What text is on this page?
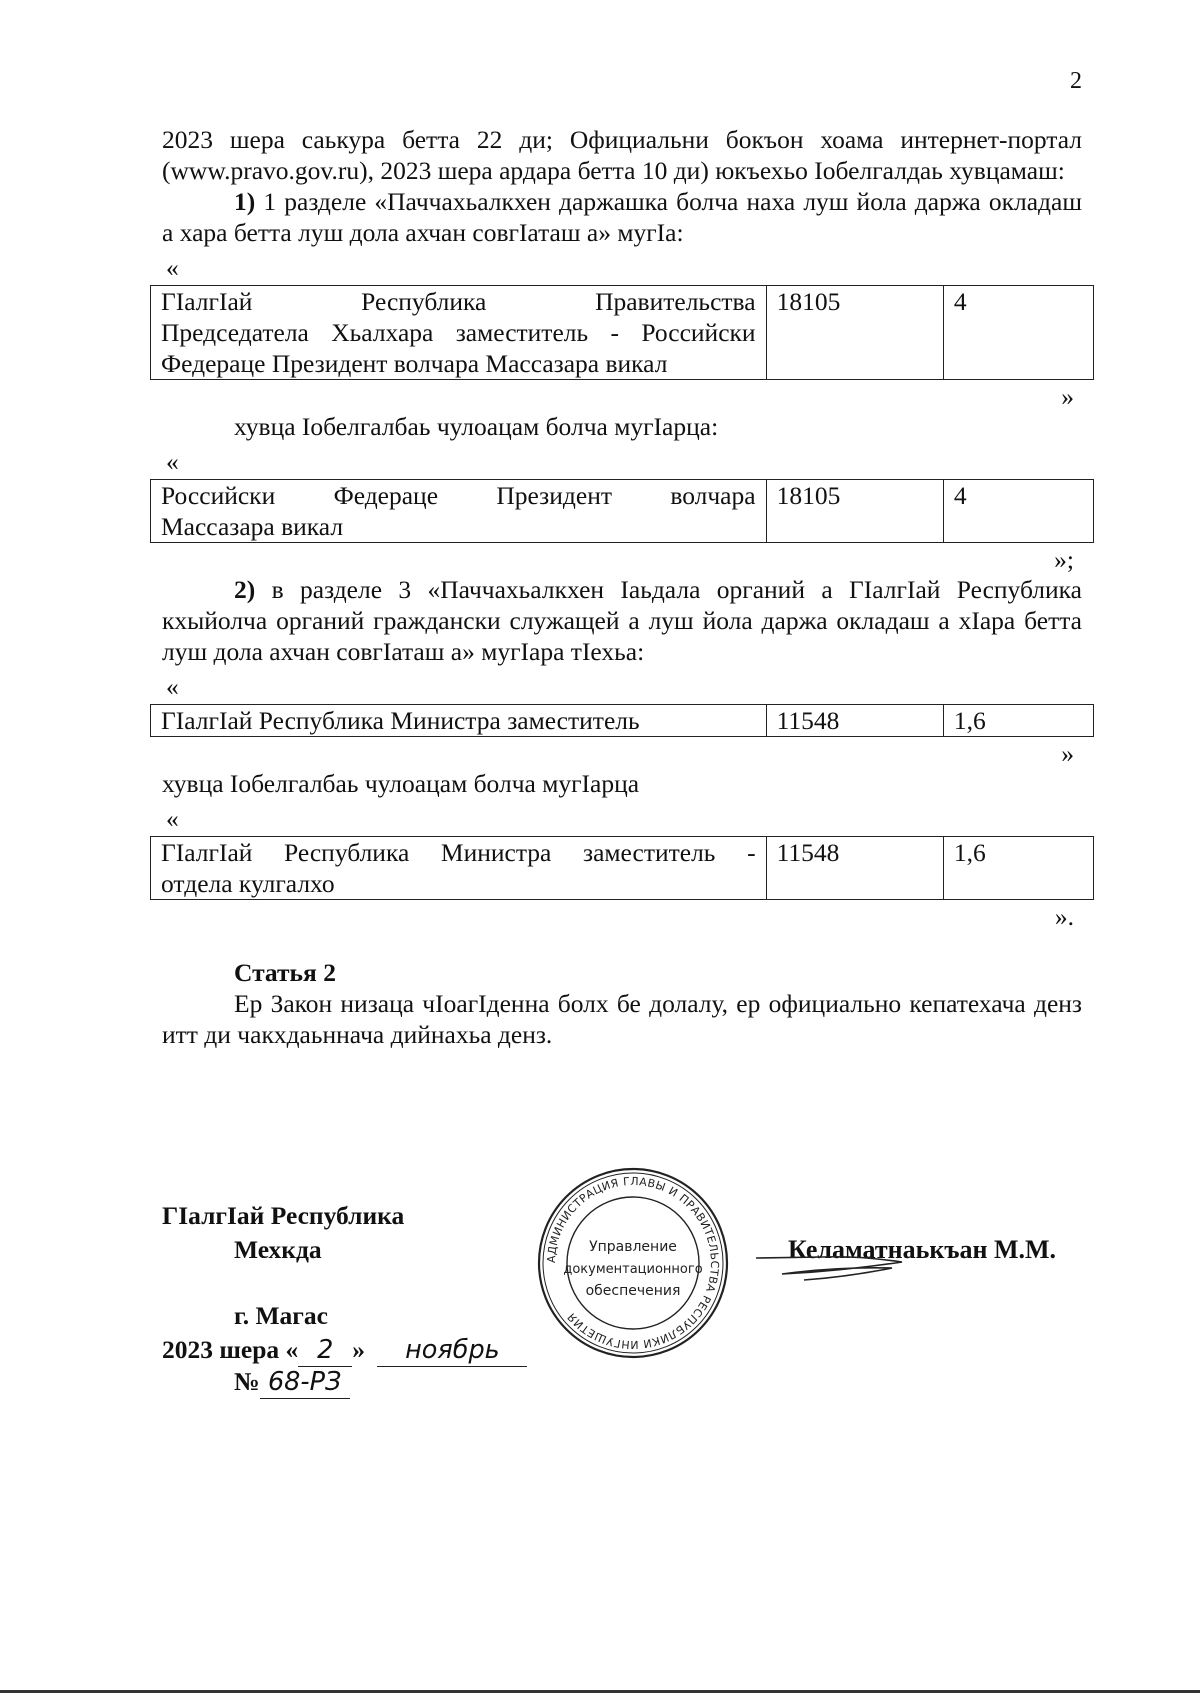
2

2023 шера саькура бетта 22 ди; Официальни бокъон хоама интернет-портал (www.pravo.gov.ru), 2023 шера ардара бетта 10 ди) юкъехьо Іобелгалдаь хувцамаш:

1) 1 разделе «Паччахьалкхен даржашка болча наха луш йола даржа окладаш а хара бетта луш дола ахчан совгІаташ а» мугІа:

«
ГІалгІай Республика Правительства
Председатела Хьалхара заместитель - Российски
Федераце Президент волчара Массазара викал
	18105	4
»

хувца Іобелгалбаь чулоацам болча мугІарца:

«
Российски Федераце Президент волчара
Массазара викал
	18105	4
»;

2) в разделе 3 «Паччахьалкхен Іаьдала органий а ГІалгІай Республика кхыйолча органий граждански служащей а луш йола даржа окладаш а хІара бетта луш дола ахчан совгІаташ а» мугІара тІехьа:

«
ГІалгІай Республика Министра заместитель	11548	1,6
»

хувца Іобелгалбаь чулоацам болча мугІарца

«
ГІалгІай Республика Министра заместитель -
отдела кулгалхо
	11548	1,6
».

Статья 2

Ер Закон низаца чІоагІденна болх бе долалу, ер официально кепатехача денз итт ди чакхдаьннача дийнахьа денз.

ГІалгІай Республика
Мехкда
г. Магас
2023 шера « 2 » ноябрь
№ 68-РЗ
Келаматнаькъан М.М.
АДМИНИСТРАЦИЯ ГЛАВЫ И ПРАВИТЕЛЬСТВА РЕСПУБЛИКИ ИНГУШЕТИЯ
Управление
документационного
обеспечения
